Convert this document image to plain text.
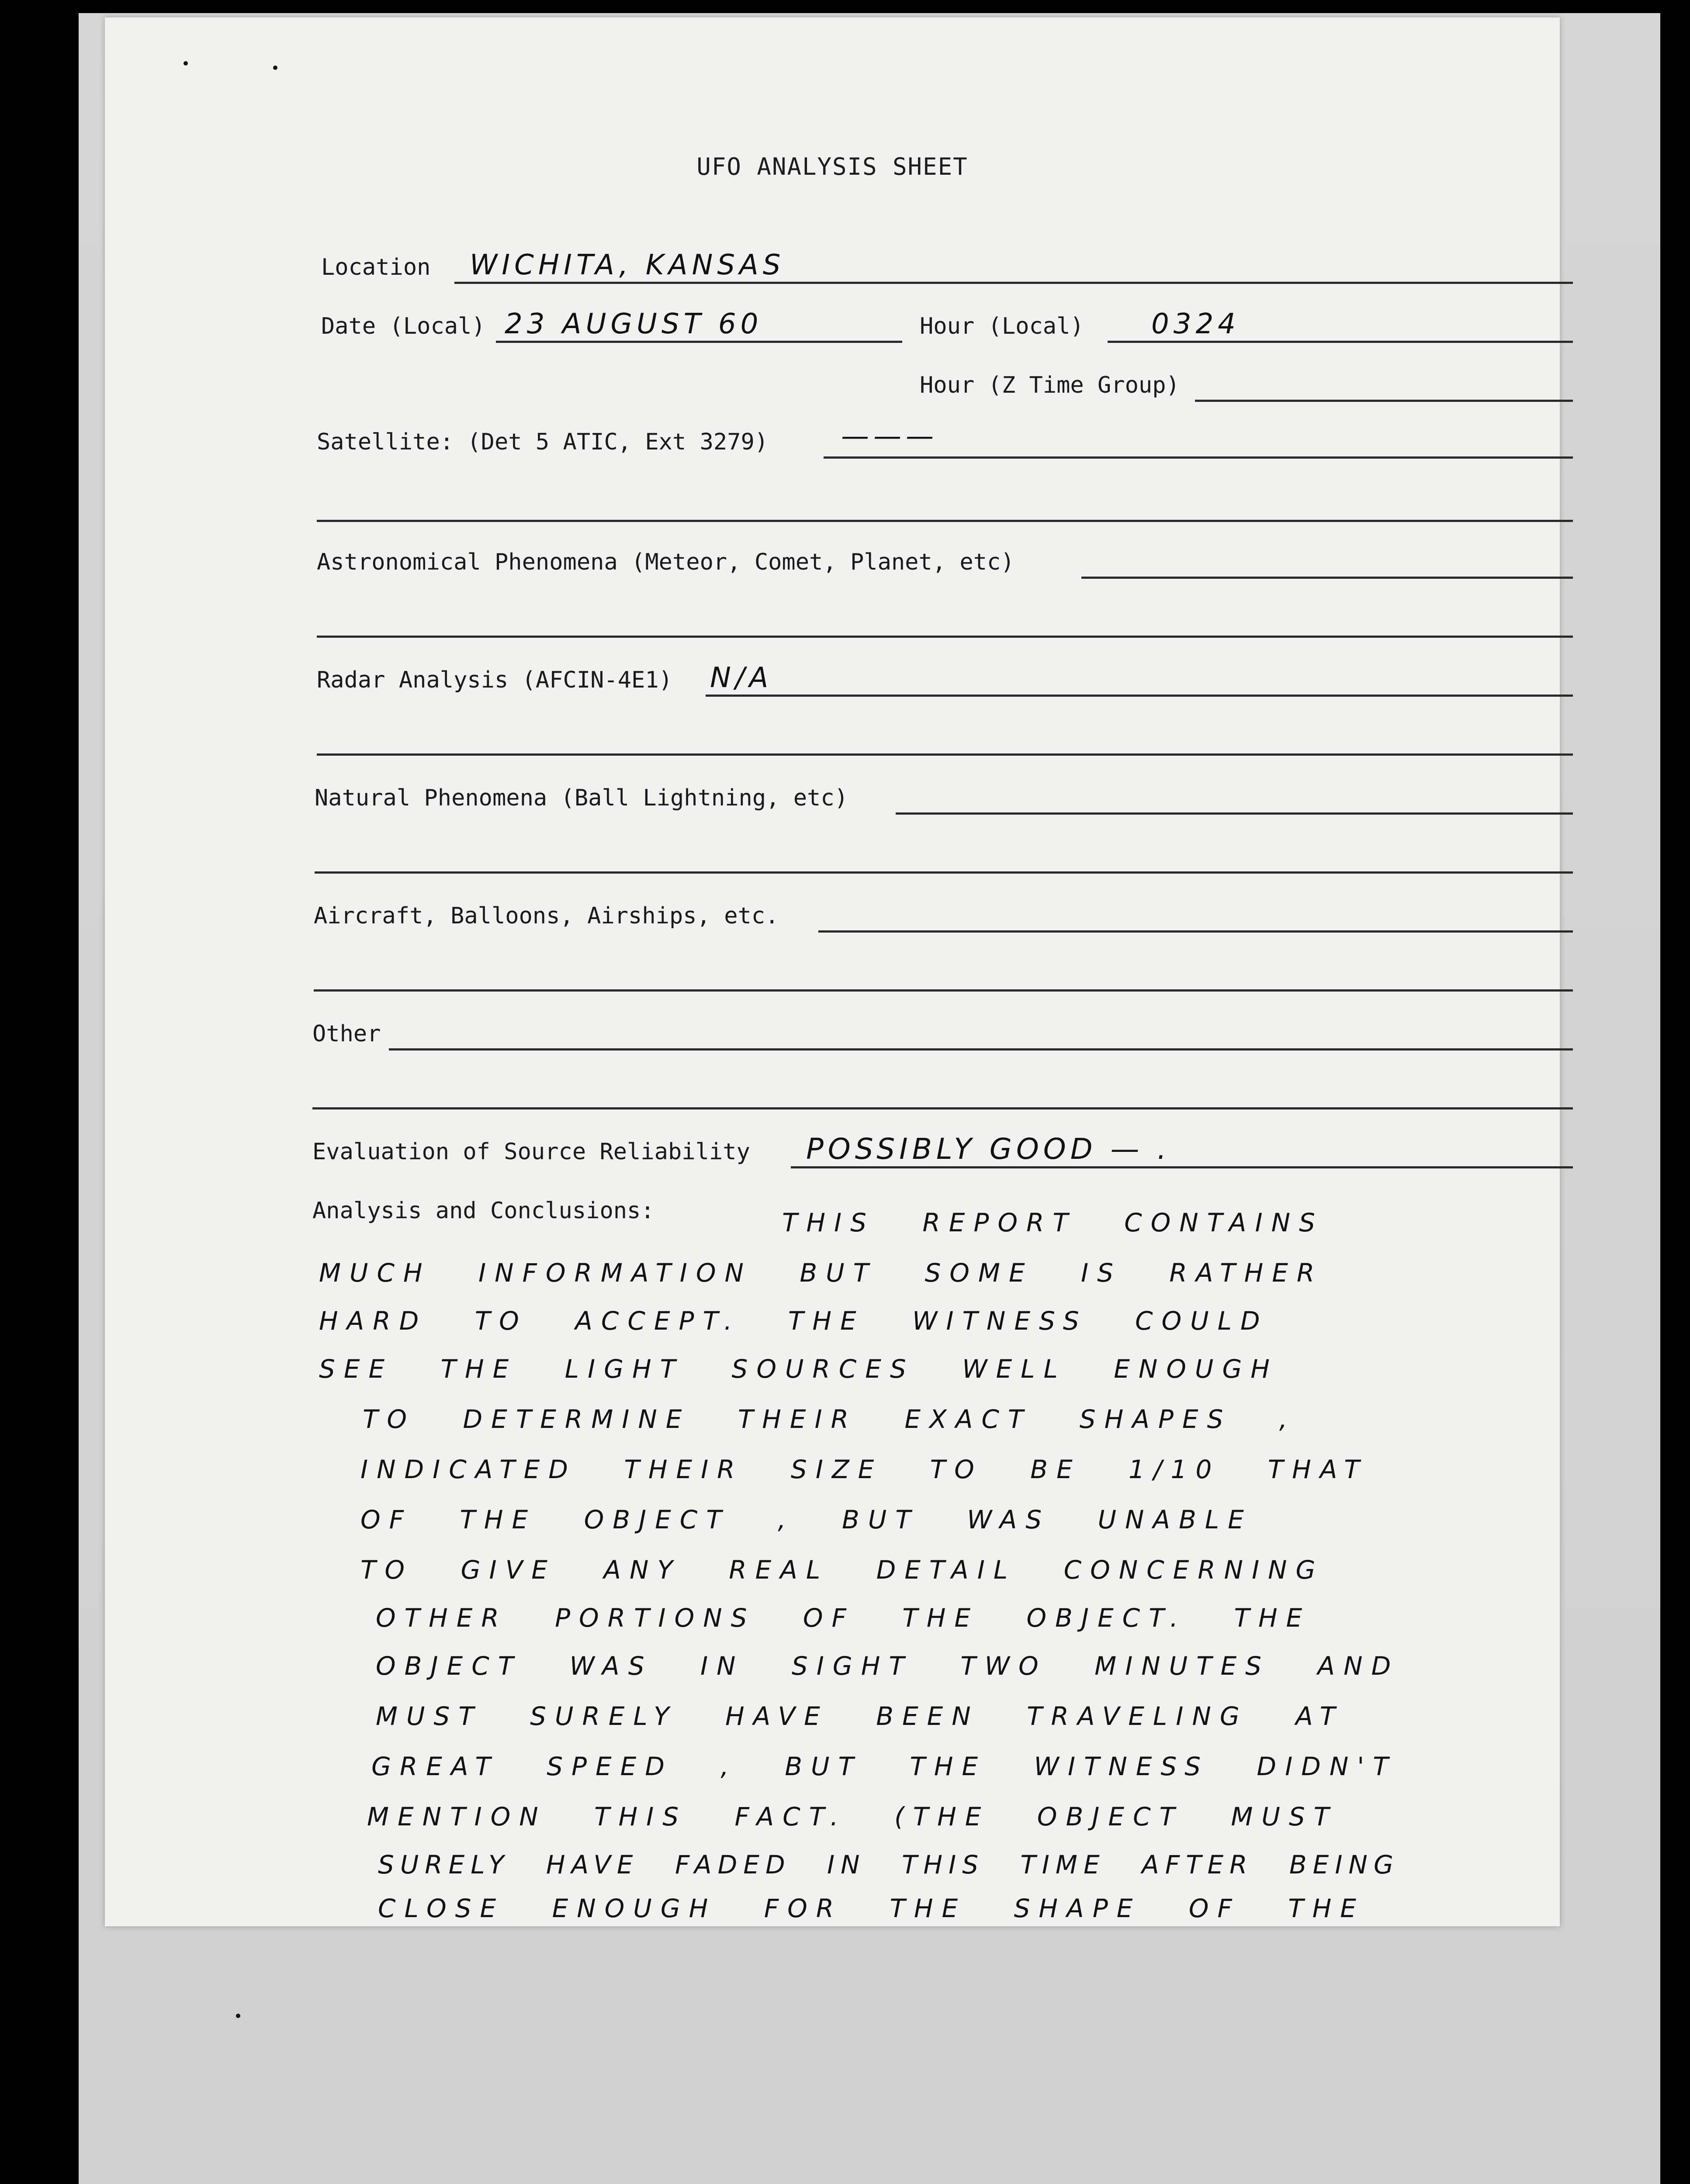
UFO ANALYSIS SHEET
Location WICHITA, KANSAS
Date (Local) 23 AUGUST 60	Hour (Local) 0324
Hour (Z Time Group)
Satellite: (Det 5 ATIC, Ext 3279)	———
Astronomical Phenomena (Meteor, Comet, Planet, etc)
Radar Analysis (AFCIN-4E1) N/A
Natural Phenomena (Ball Lightning, etc)
Aircraft, Balloons, Airships, etc.
Other
Evaluation of Source Reliability POSSIBLY GOOD — .
Analysis and Conclusions:	THIS REPORT CONTAINS
MUCH INFORMATION BUT SOME IS RATHER
HARD TO ACCEPT. THE WITNESS COULD
SEE THE LIGHT SOURCES WELL ENOUGH
TO DETERMINE THEIR EXACT SHAPES ,
INDICATED THEIR SIZE TO BE 1/10 THAT
OF THE OBJECT , BUT WAS UNABLE
TO GIVE ANY REAL DETAIL CONCERNING
OTHER PORTIONS OF THE OBJECT. THE
OBJECT WAS IN SIGHT TWO MINUTES AND
MUST SURELY HAVE BEEN TRAVELING AT
GREAT SPEED , BUT THE WITNESS DIDN'T
MENTION THIS FACT. (THE OBJECT MUST
SURELY HAVE FADED IN THIS TIME AFTER BEING
CLOSE ENOUGH FOR THE SHAPE OF THE
